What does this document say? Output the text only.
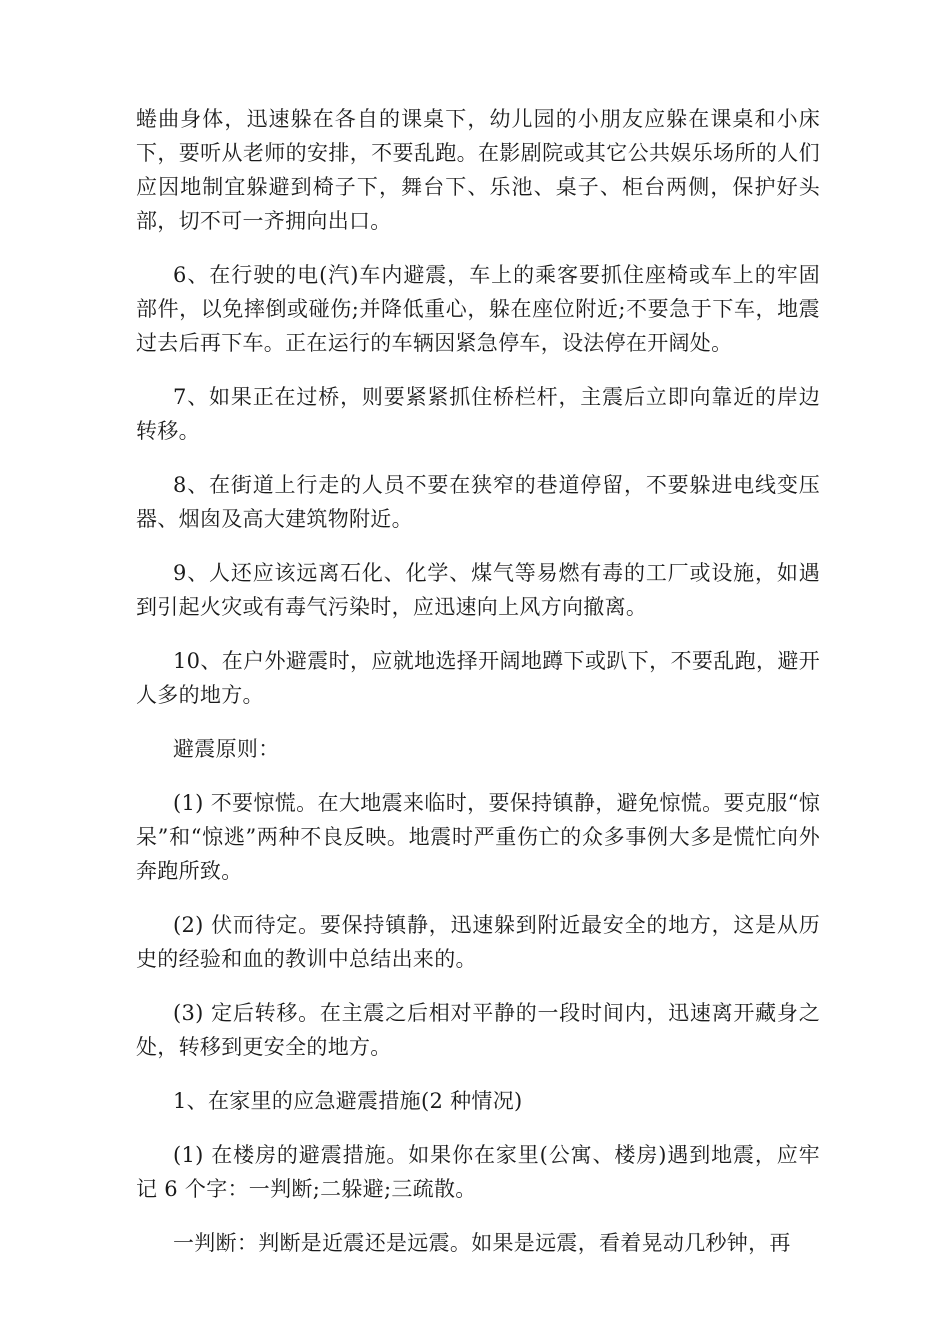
蜷曲身体，迅速躲在各自的课桌下，幼儿园的小朋友应躲在课桌和小床下，要听从老师的安排，不要乱跑。在影剧院或其它公共娱乐场所的人们应因地制宜躲避到椅子下，舞台下、乐池、桌子、柜台两侧，保护好头部，切不可一齐拥向出口。

6、在行驶的电(汽)车内避震，车上的乘客要抓住座椅或车上的牢固部件，以免摔倒或碰伤;并降低重心，躲在座位附近;不要急于下车，地震过去后再下车。正在运行的车辆因紧急停车，设法停在开阔处。

7、如果正在过桥，则要紧紧抓住桥栏杆，主震后立即向靠近的岸边转移。

8、在街道上行走的人员不要在狭窄的巷道停留，不要躲进电线变压器、烟囱及高大建筑物附近。

9、人还应该远离石化、化学、煤气等易燃有毒的工厂或设施，如遇到引起火灾或有毒气污染时，应迅速向上风方向撤离。

10、在户外避震时，应就地选择开阔地蹲下或趴下，不要乱跑，避开人多的地方。

避震原则：

(1) 不要惊慌。在大地震来临时，要保持镇静，避免惊慌。要克服“惊呆”和“惊逃”两种不良反映。地震时严重伤亡的众多事例大多是慌忙向外奔跑所致。

(2) 伏而待定。要保持镇静，迅速躲到附近最安全的地方，这是从历史的经验和血的教训中总结出来的。

(3) 定后转移。在主震之后相对平静的一段时间内，迅速离开藏身之处，转移到更安全的地方。

1、在家里的应急避震措施(2 种情况)

(1) 在楼房的避震措施。如果你在家里(公寓、楼房)遇到地震，应牢记 6 个字：一判断;二躲避;三疏散。

一判断：判断是近震还是远震。如果是远震，看着晃动几秒钟，再
